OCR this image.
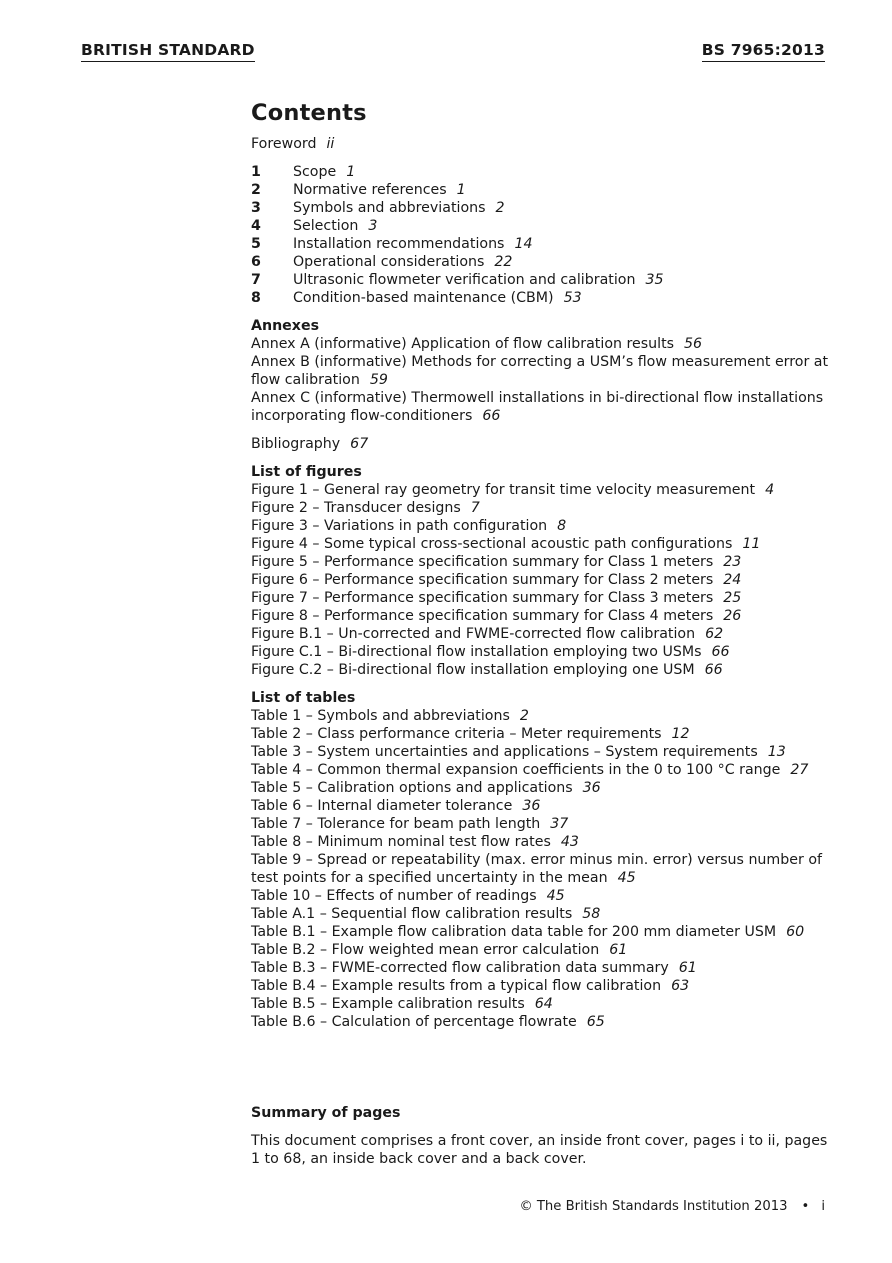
BRITISH STANDARD	BS 7965:2013
Contents
Foreword ii
1	Scope 1
2	Normative references 1
3	Symbols and abbreviations 2
4	Selection 3
5	Installation recommendations 14
6	Operational considerations 22
7	Ultrasonic flowmeter verification and calibration 35
8	Condition-based maintenance (CBM) 53
Annexes
Annex A (informative) Application of flow calibration results 56
Annex B (informative) Methods for correcting a USM’s flow measurement error at flow calibration 59
Annex C (informative) Thermowell installations in bi-directional flow installations incorporating flow-conditioners 66
Bibliography 67
List of figures
Figure 1 – General ray geometry for transit time velocity measurement 4
Figure 2 – Transducer designs 7
Figure 3 – Variations in path configuration 8
Figure 4 – Some typical cross-sectional acoustic path configurations 11
Figure 5 – Performance specification summary for Class 1 meters 23
Figure 6 – Performance specification summary for Class 2 meters 24
Figure 7 – Performance specification summary for Class 3 meters 25
Figure 8 – Performance specification summary for Class 4 meters 26
Figure B.1 – Un-corrected and FWME-corrected flow calibration 62
Figure C.1 – Bi-directional flow installation employing two USMs 66
Figure C.2 – Bi-directional flow installation employing one USM 66
List of tables
Table 1 – Symbols and abbreviations 2
Table 2 – Class performance criteria – Meter requirements 12
Table 3 – System uncertainties and applications – System requirements 13
Table 4 – Common thermal expansion coefficients in the 0 to 100 °C range 27
Table 5 – Calibration options and applications 36
Table 6 – Internal diameter tolerance 36
Table 7 – Tolerance for beam path length 37
Table 8 – Minimum nominal test flow rates 43
Table 9 – Spread or repeatability (max. error minus min. error) versus number of test points for a specified uncertainty in the mean 45
Table 10 – Effects of number of readings 45
Table A.1 – Sequential flow calibration results 58
Table B.1 – Example flow calibration data table for 200 mm diameter USM 60
Table B.2 – Flow weighted mean error calculation 61
Table B.3 – FWME-corrected flow calibration data summary 61
Table B.4 – Example results from a typical flow calibration 63
Table B.5 – Example calibration results 64
Table B.6 – Calculation of percentage flowrate 65
Summary of pages

This document comprises a front cover, an inside front cover, pages i to ii, pages 1 to 68, an inside back cover and a back cover.

© The British Standards Institution 2013 • i
